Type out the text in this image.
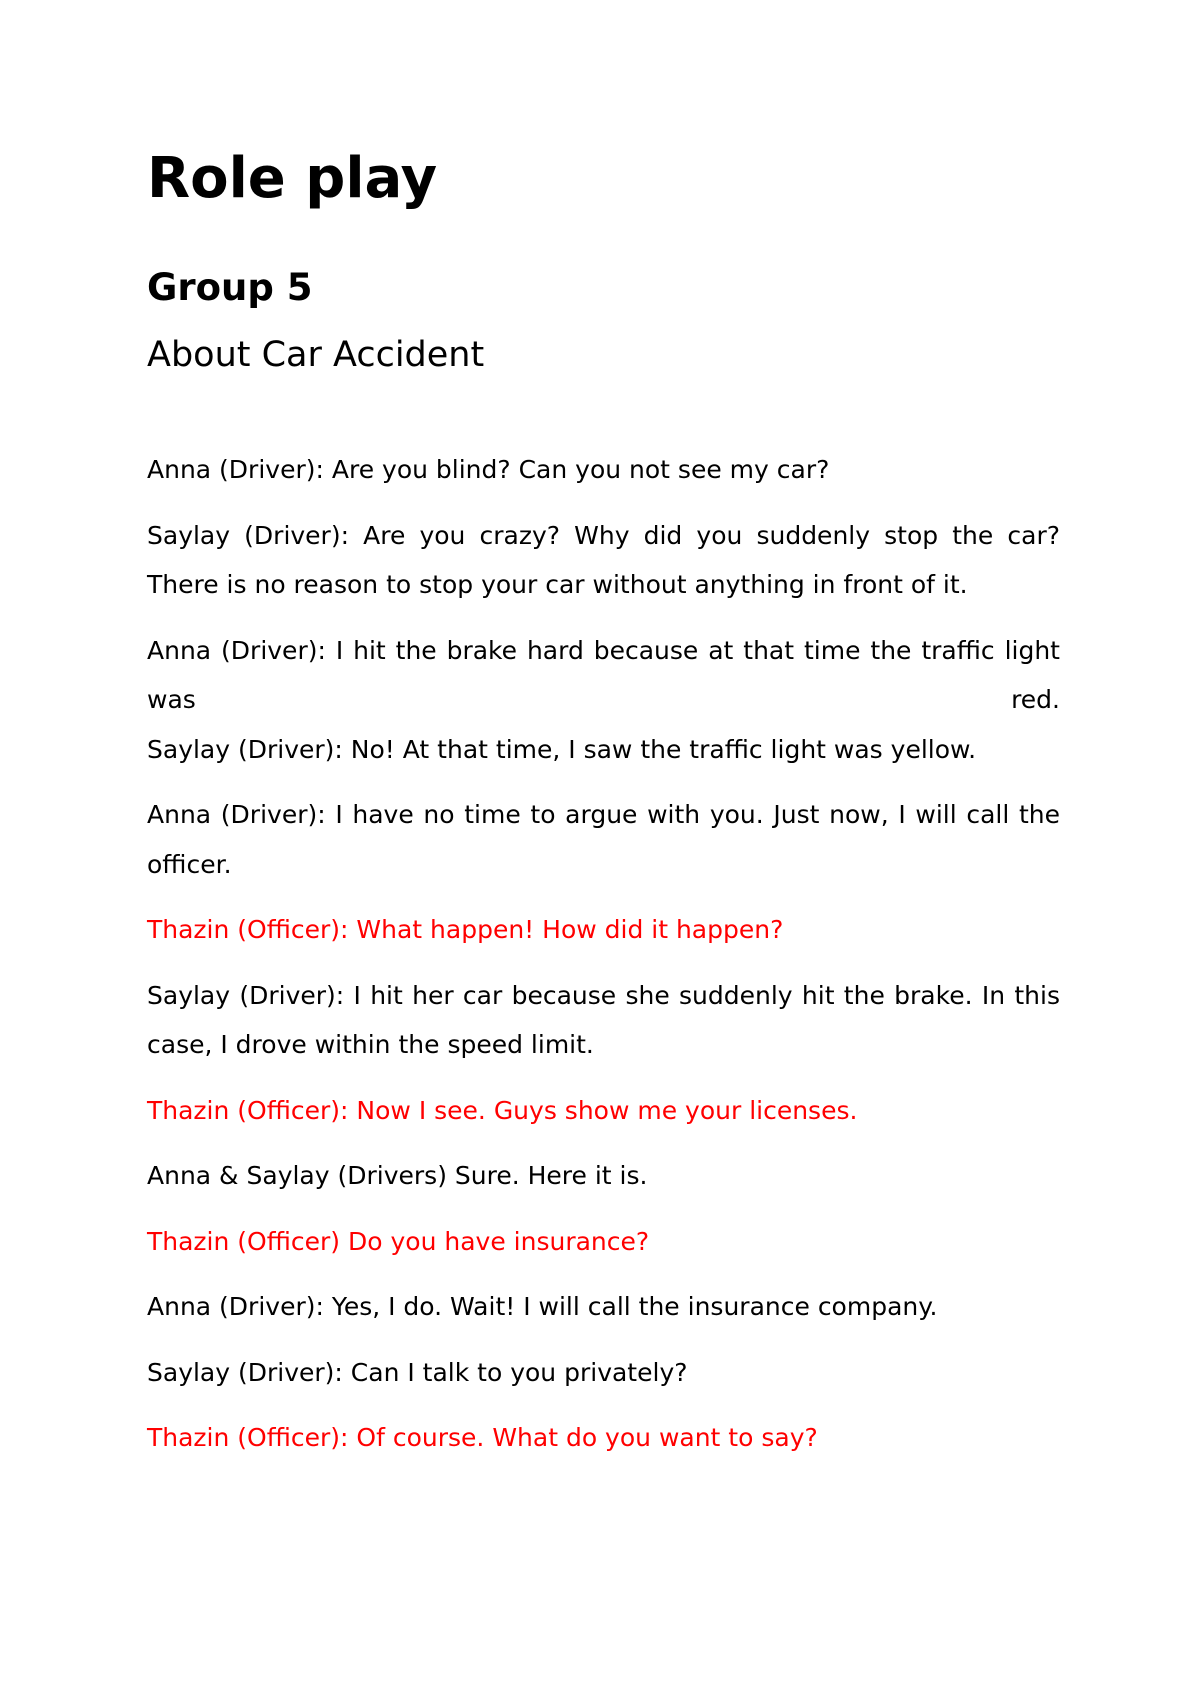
Role play
Group 5

About Car Accident

Anna (Driver): Are you blind? Can you not see my car?

Saylay (Driver): Are you crazy? Why did you suddenly stop the car? There is no reason to stop your car without anything in front of it.

Anna (Driver): I hit the brake hard because at that time the traffic light was red.

Saylay (Driver): No! At that time, I saw the traffic light was yellow.

Anna (Driver): I have no time to argue with you. Just now, I will call the officer.

Thazin (Officer): What happen! How did it happen?

Saylay (Driver): I hit her car because she suddenly hit the brake. In this case, I drove within the speed limit.

Thazin (Officer): Now I see. Guys show me your licenses.

Anna & Saylay (Drivers) Sure. Here it is.

Thazin (Officer) Do you have insurance?

Anna (Driver): Yes, I do. Wait! I will call the insurance company.

Saylay (Driver): Can I talk to you privately?

Thazin (Officer): Of course. What do you want to say?
